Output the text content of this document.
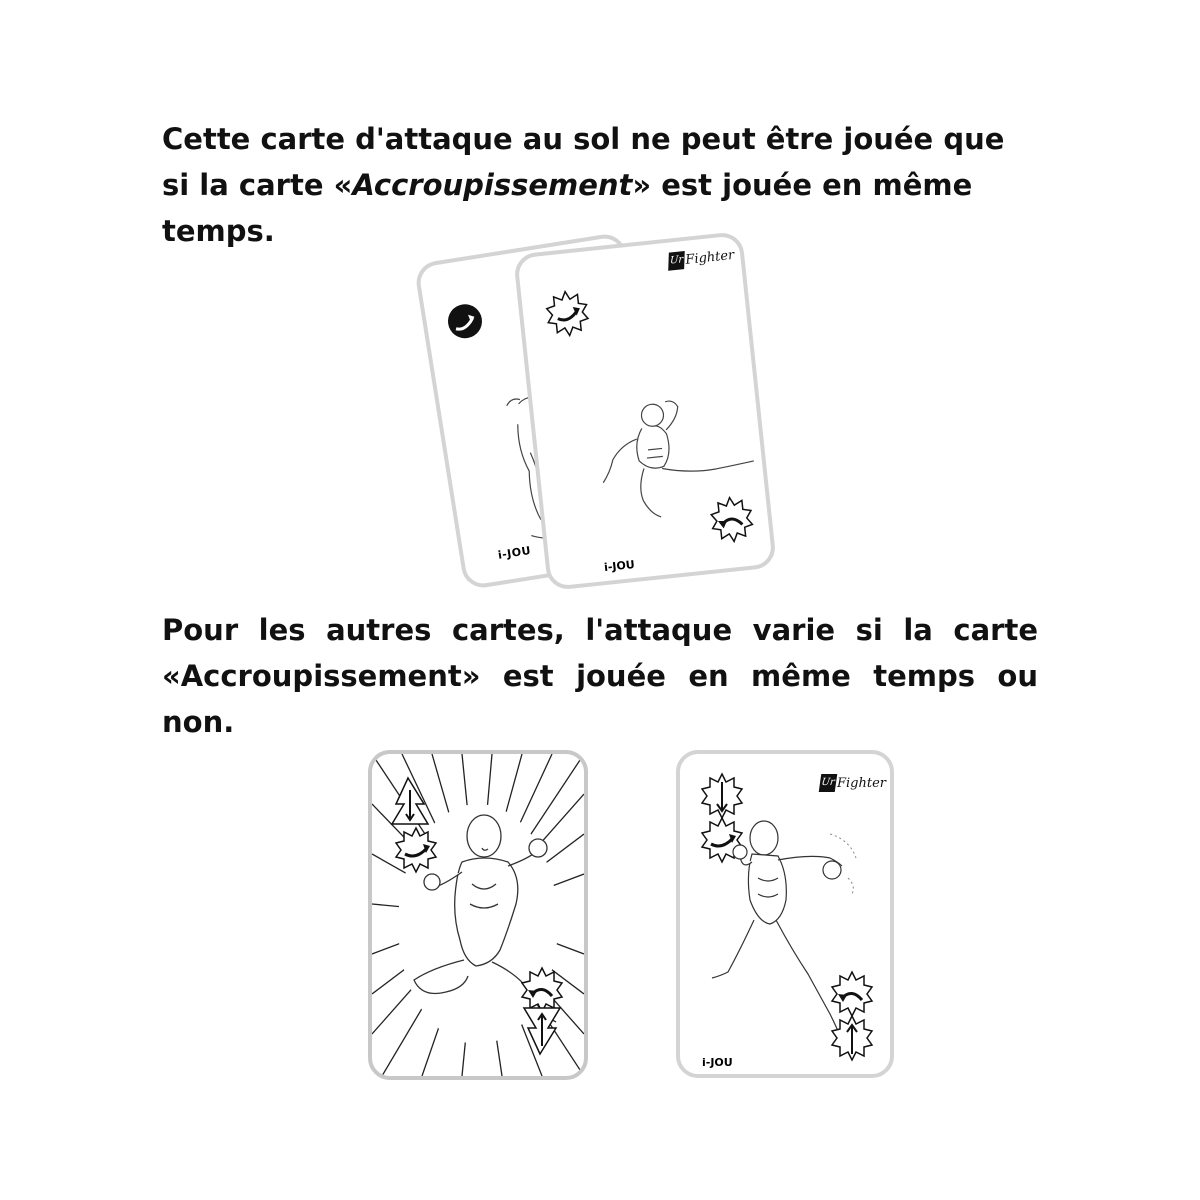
Cette carte d'attaque au sol ne peut être jouée que si la carte «Accroupissement» est jouée en même temps.

i-JOU
Ur Fighter
i-JOU

Pour les autres cartes, l'attaque varie si la carte «Accroupissement» est jouée en même temps ou non.

Ur Fighter
i-JOU
